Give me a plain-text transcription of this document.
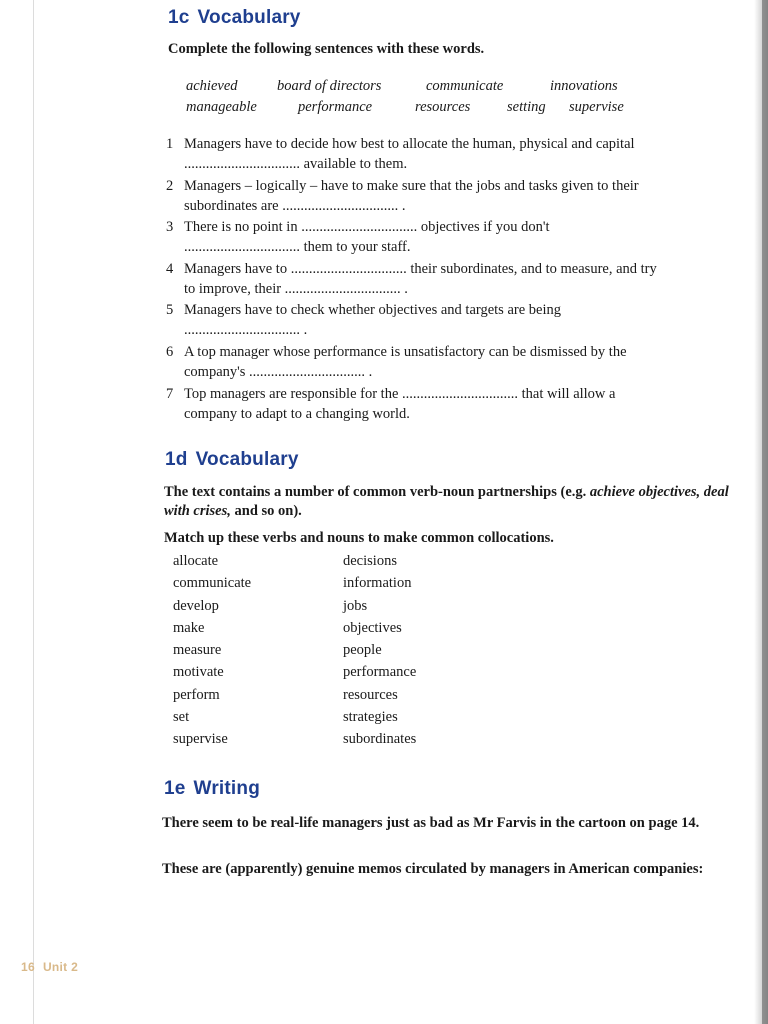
1c Vocabulary
Complete the following sentences with these words.
achieved	board of directors	communicate	innovations
manageable	performance	resources	setting	supervise
1 Managers have to decide how best to allocate the human, physical and capital
................................ available to them.
2 Managers – logically – have to make sure that the jobs and tasks given to their
subordinates are ................................ .
3 There is no point in ................................ objectives if you don't
................................ them to your staff.
4 Managers have to ................................ their subordinates, and to measure, and try
to improve, their ................................ .
5 Managers have to check whether objectives and targets are being
................................ .
6 A top manager whose performance is unsatisfactory can be dismissed by the
company's ................................ .
7 Top managers are responsible for the ................................ that will allow a
company to adapt to a changing world.
1d Vocabulary
The text contains a number of common verb-noun partnerships (e.g. achieve objectives, deal with crises, and so on).
Match up these verbs and nouns to make common collocations.
allocate	decisions
communicate	information
develop	jobs
make	objectives
measure	people
motivate	performance
perform	resources
set	strategies
supervise	subordinates
1e Writing
There seem to be real-life managers just as bad as Mr Farvis in the cartoon on page 14.
These are (apparently) genuine memos circulated by managers in American companies:
16 Unit 2
